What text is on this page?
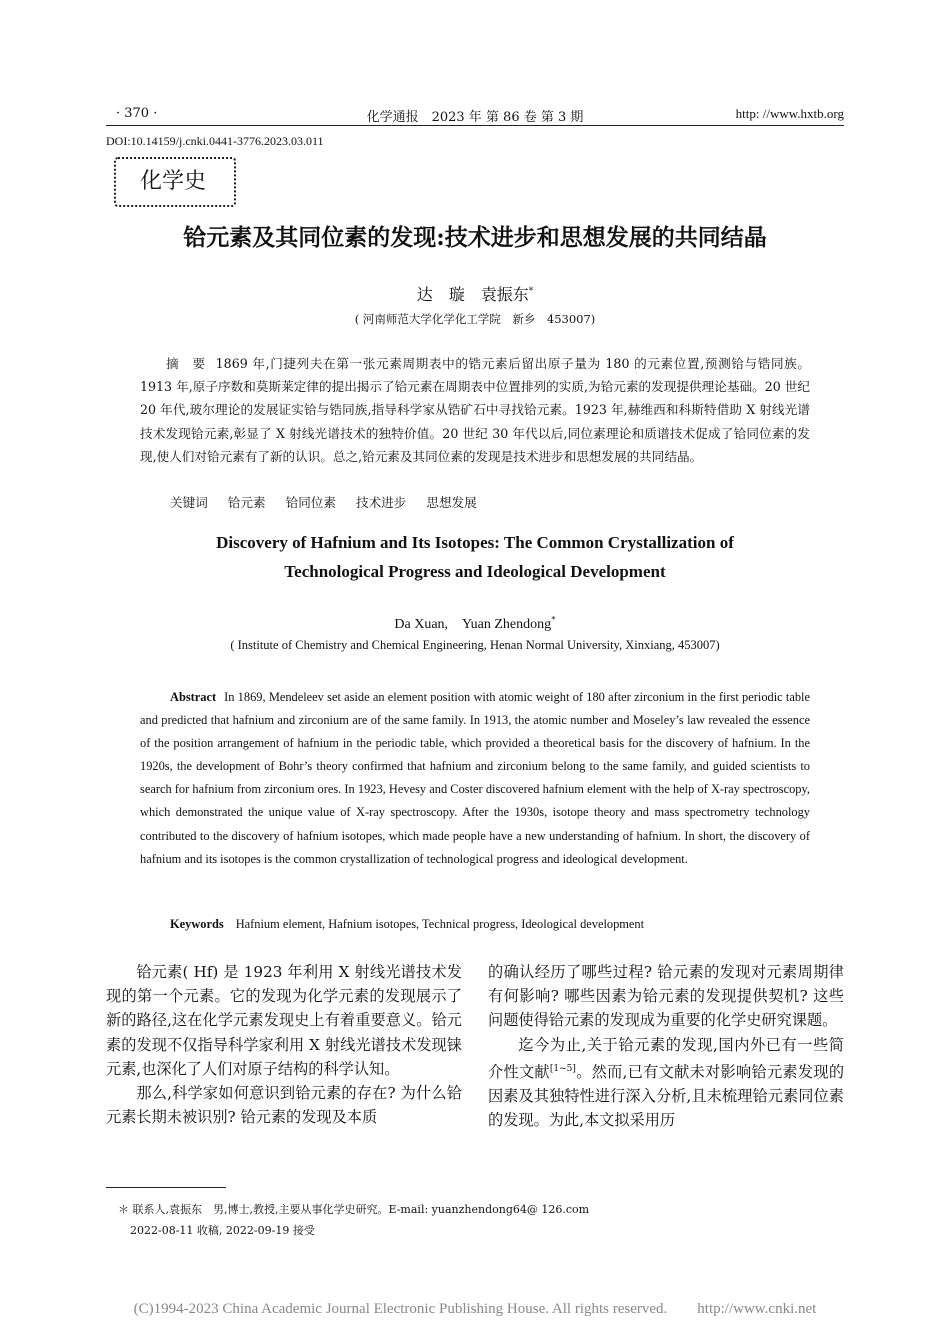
· 370 ·	化学通报　2023 年 第 86 卷 第 3 期	http: //www.hxtb.org
DOI:10.14159/j.cnki.0441-3776.2023.03.011
化学史
铪元素及其同位素的发现:技术进步和思想发展的共同结晶
达　璇　袁振东*
( 河南师范大学化学化工学院　新乡　453007)
摘　要 1869 年,门捷列夫在第一张元素周期表中的锆元素后留出原子量为 180 的元素位置,预测铪与锆同族。1913 年,原子序数和莫斯莱定律的提出揭示了铪元素在周期表中位置排列的实质,为铪元素的发现提供理论基础。20 世纪 20 年代,玻尔理论的发展证实铪与锆同族,指导科学家从锆矿石中寻找铪元素。1923 年,赫维西和科斯特借助 X 射线光谱技术发现铪元素,彰显了 X 射线光谱技术的独特价值。20 世纪 30 年代以后,同位素理论和质谱技术促成了铪同位素的发现,使人们对铪元素有了新的认识。总之,铪元素及其同位素的发现是技术进步和思想发展的共同结晶。
关键词 铪元素 铪同位素 技术进步 思想发展
Discovery of Hafnium and Its Isotopes: The Common Crystallization of
Technological Progress and Ideological Development
Da Xuan,　Yuan Zhendong*
( Institute of Chemistry and Chemical Engineering, Henan Normal University, Xinxiang, 453007)
Abstract In 1869, Mendeleev set aside an element position with atomic weight of 180 after zirconium in the first periodic table and predicted that hafnium and zirconium are of the same family. In 1913, the atomic number and Moseley’s law revealed the essence of the position arrangement of hafnium in the periodic table, which provided a theoretical basis for the discovery of hafnium. In the 1920s, the development of Bohr’s theory confirmed that hafnium and zirconium belong to the same family, and guided scientists to search for hafnium from zirconium ores. In 1923, Hevesy and Coster discovered hafnium element with the help of X-ray spectroscopy, which demonstrated the unique value of X-ray spectroscopy. After the 1930s, isotope theory and mass spectrometry technology contributed to the discovery of hafnium isotopes, which made people have a new understanding of hafnium. In short, the discovery of hafnium and its isotopes is the common crystallization of technological progress and ideological development.
Keywords Hafnium element, Hafnium isotopes, Technical progress, Ideological development

铪元素( Hf) 是 1923 年利用 X 射线光谱技术发现的第一个元素。它的发现为化学元素的发现展示了新的路径,这在化学元素发现史上有着重要意义。铪元素的发现不仅指导科学家利用 X 射线光谱技术发现铼元素,也深化了人们对原子结构的科学认知。

那么,科学家如何意识到铪元素的存在? 为什么铪元素长期未被识别? 铪元素的发现及本质

的确认经历了哪些过程? 铪元素的发现对元素周期律有何影响? 哪些因素为铪元素的发现提供契机? 这些问题使得铪元素的发现成为重要的化学史研究课题。

迄今为止,关于铪元素的发现,国内外已有一些简介性文献[1~5]。然而,已有文献未对影响铪元素发现的因素及其独特性进行深入分析,且未梳理铪元素同位素的发现。为此,本文拟采用历

＊ 联系人,袁振东　男,博士,教授,主要从事化学史研究。E-mail: yuanzhendong64@ 126.com
2022-08-11 收稿, 2022-09-19 接受
(C)1994-2023 China Academic Journal Electronic Publishing House. All rights reserved.　　http://www.cnki.net
